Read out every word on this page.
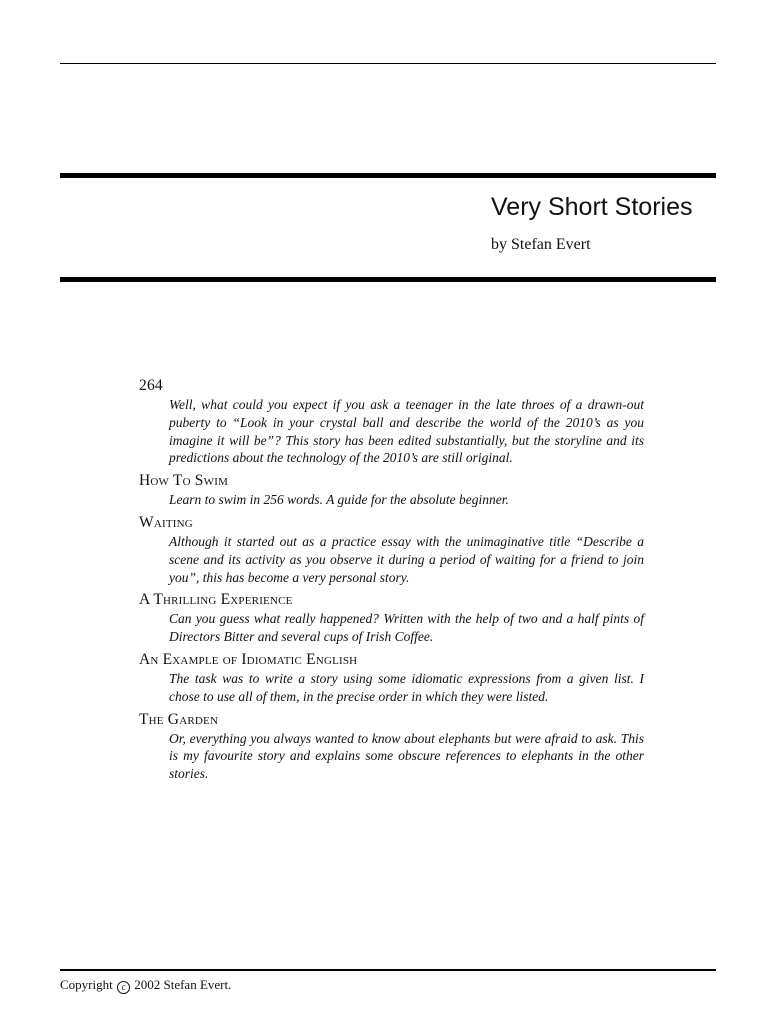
Very Short Stories
by Stefan Evert
264
Well, what could you expect if you ask a teenager in the late throes of a drawn-out puberty to “Look in your crystal ball and describe the world of the 2010’s as you imagine it will be”? This story has been edited substantially, but the storyline and its predictions about the technology of the 2010’s are still original.
How To Swim
Learn to swim in 256 words. A guide for the absolute beginner.
Waiting
Although it started out as a practice essay with the unimaginative title “Describe a scene and its activity as you observe it during a period of waiting for a friend to join you”, this has become a very personal story.
A Thrilling Experience
Can you guess what really happened? Written with the help of two and a half pints of Directors Bitter and several cups of Irish Coffee.
An Example of Idiomatic English
The task was to write a story using some idiomatic expressions from a given list. I chose to use all of them, in the precise order in which they were listed.
The Garden
Or, everything you always wanted to know about elephants but were afraid to ask. This is my favourite story and explains some obscure references to elephants in the other stories.
Copyright c 2002 Stefan Evert.
